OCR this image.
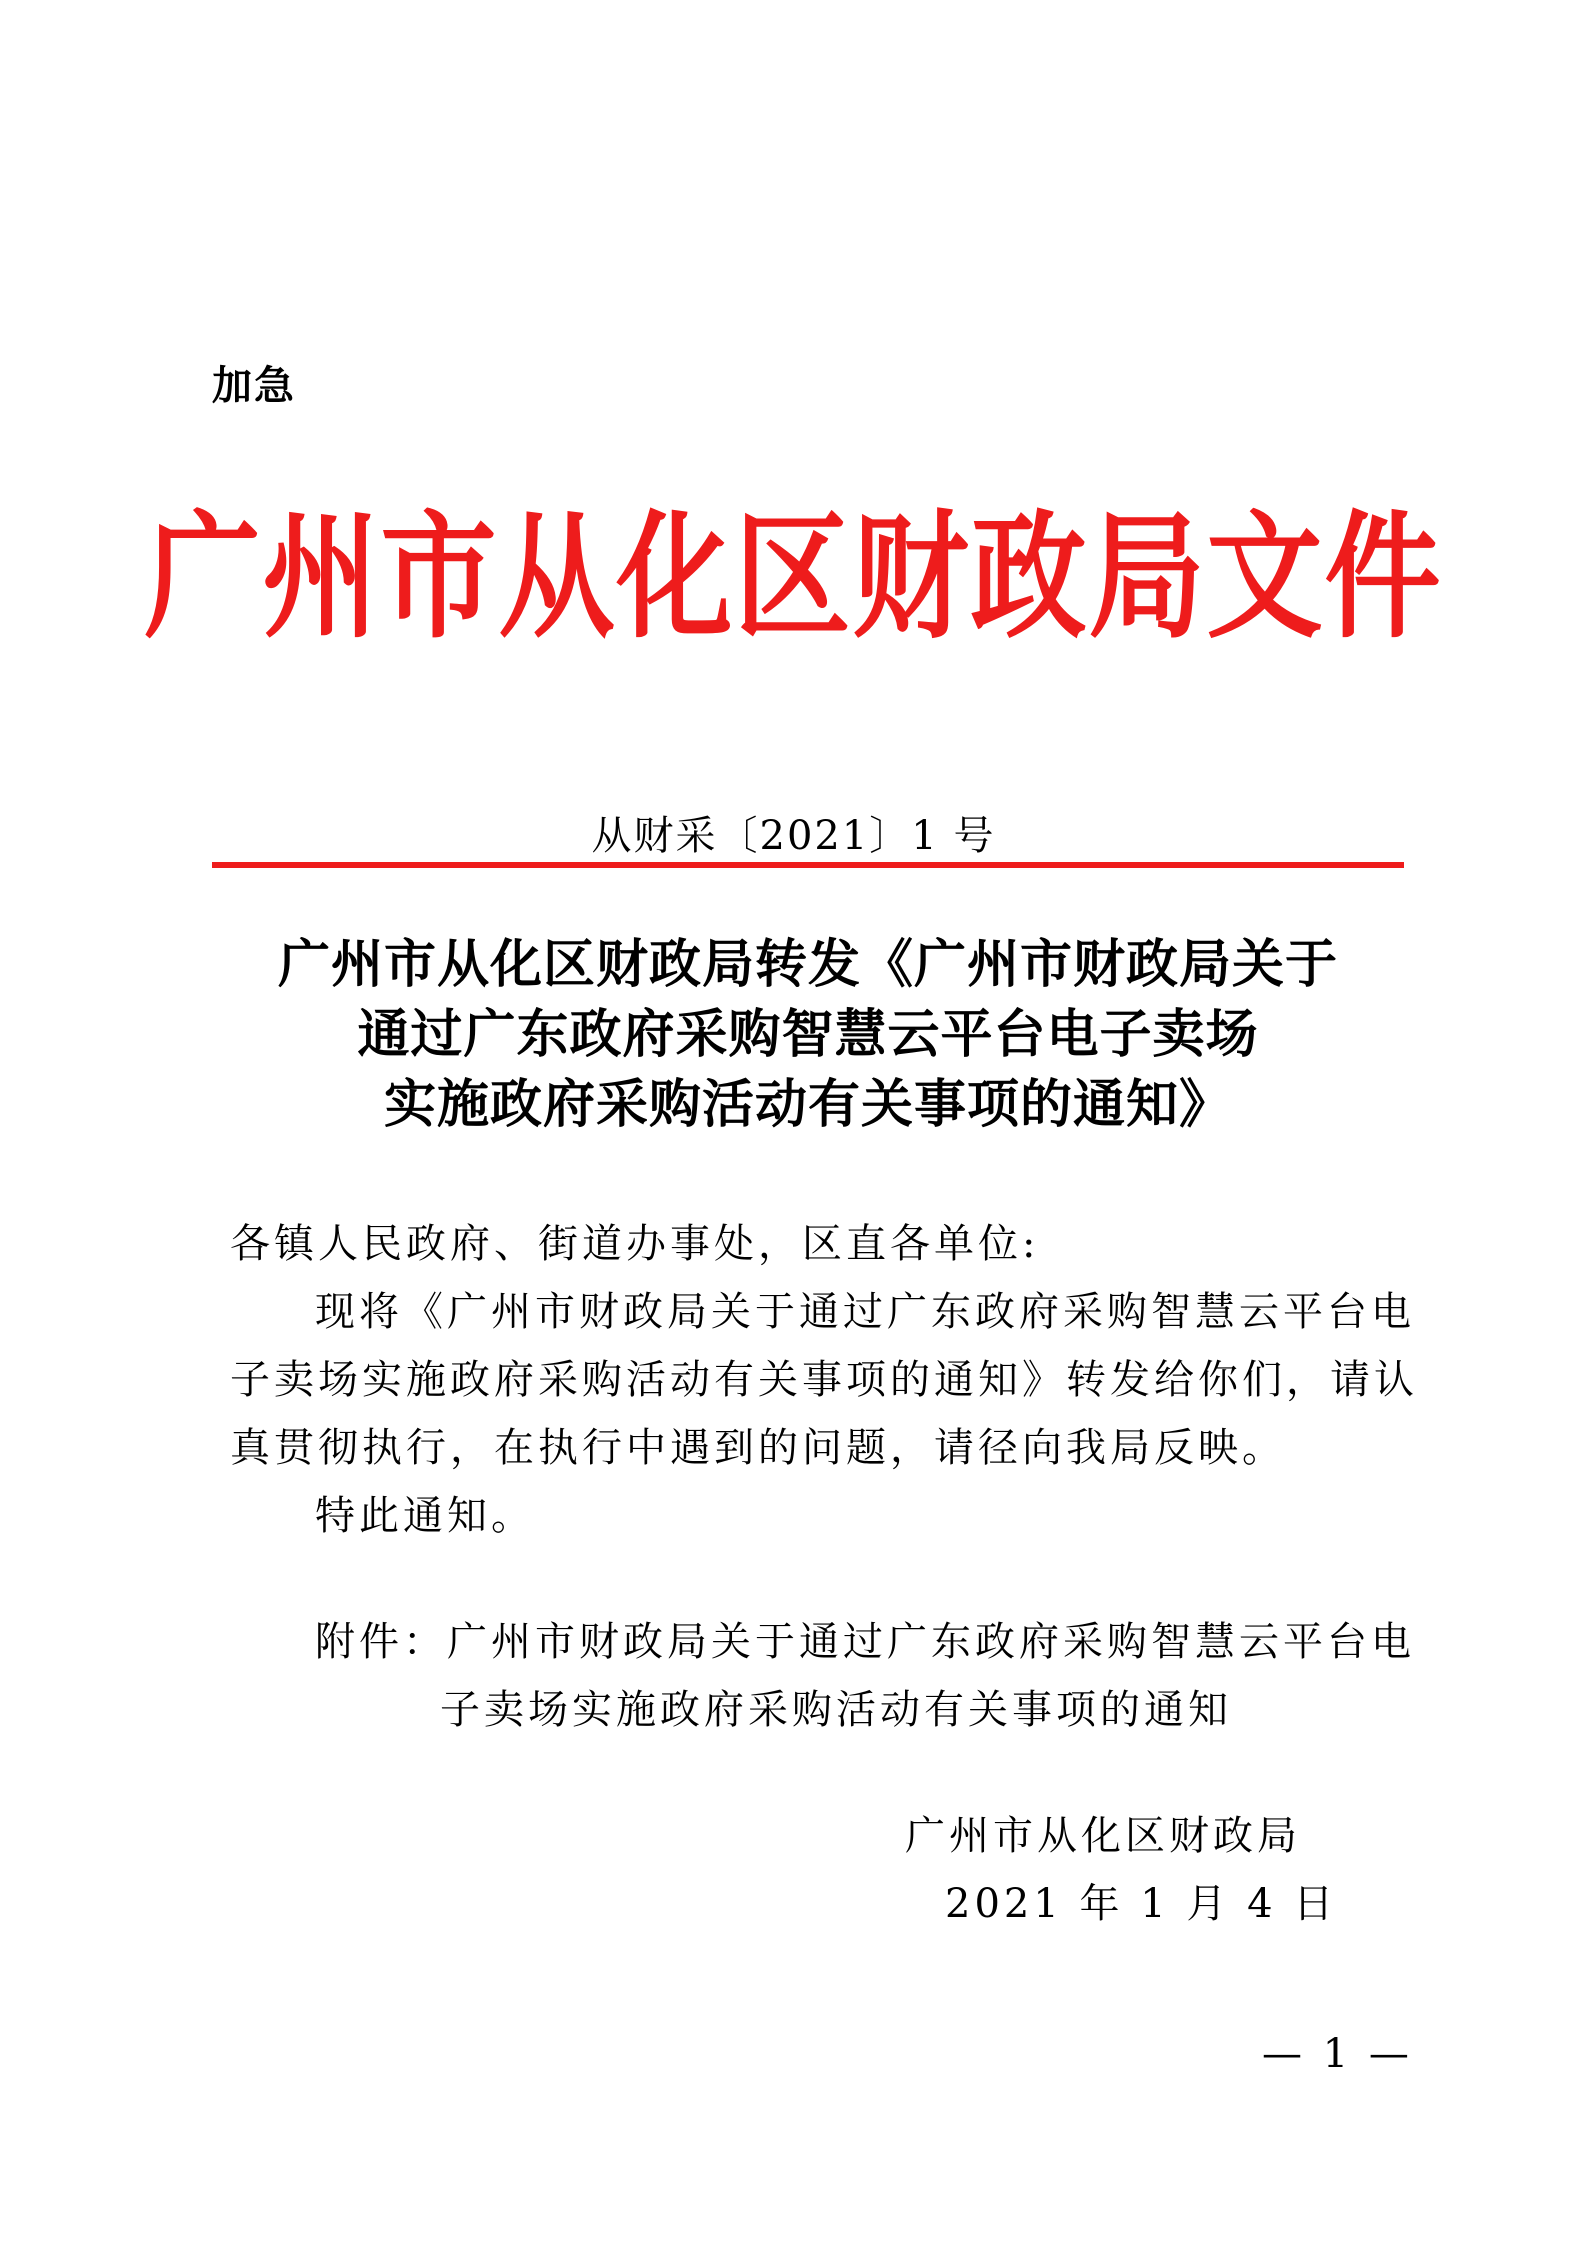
加急
广州市从化区财政局文件
从财采〔2021〕1 号
广州市从化区财政局转发《广州市财政局关于
通过广东政府采购智慧云平台电子卖场
实施政府采购活动有关事项的通知》
各镇人民政府、街道办事处，区直各单位:
现将《广州市财政局关于通过广东政府采购智慧云平台电
子卖场实施政府采购活动有关事项的通知》转发给你们，请认
真贯彻执行，在执行中遇到的问题，请径向我局反映。
特此通知。
附件：广州市财政局关于通过广东政府采购智慧云平台电
子卖场实施政府采购活动有关事项的通知
广州市从化区财政局
2021 年 1 月 4 日
— 1 —
